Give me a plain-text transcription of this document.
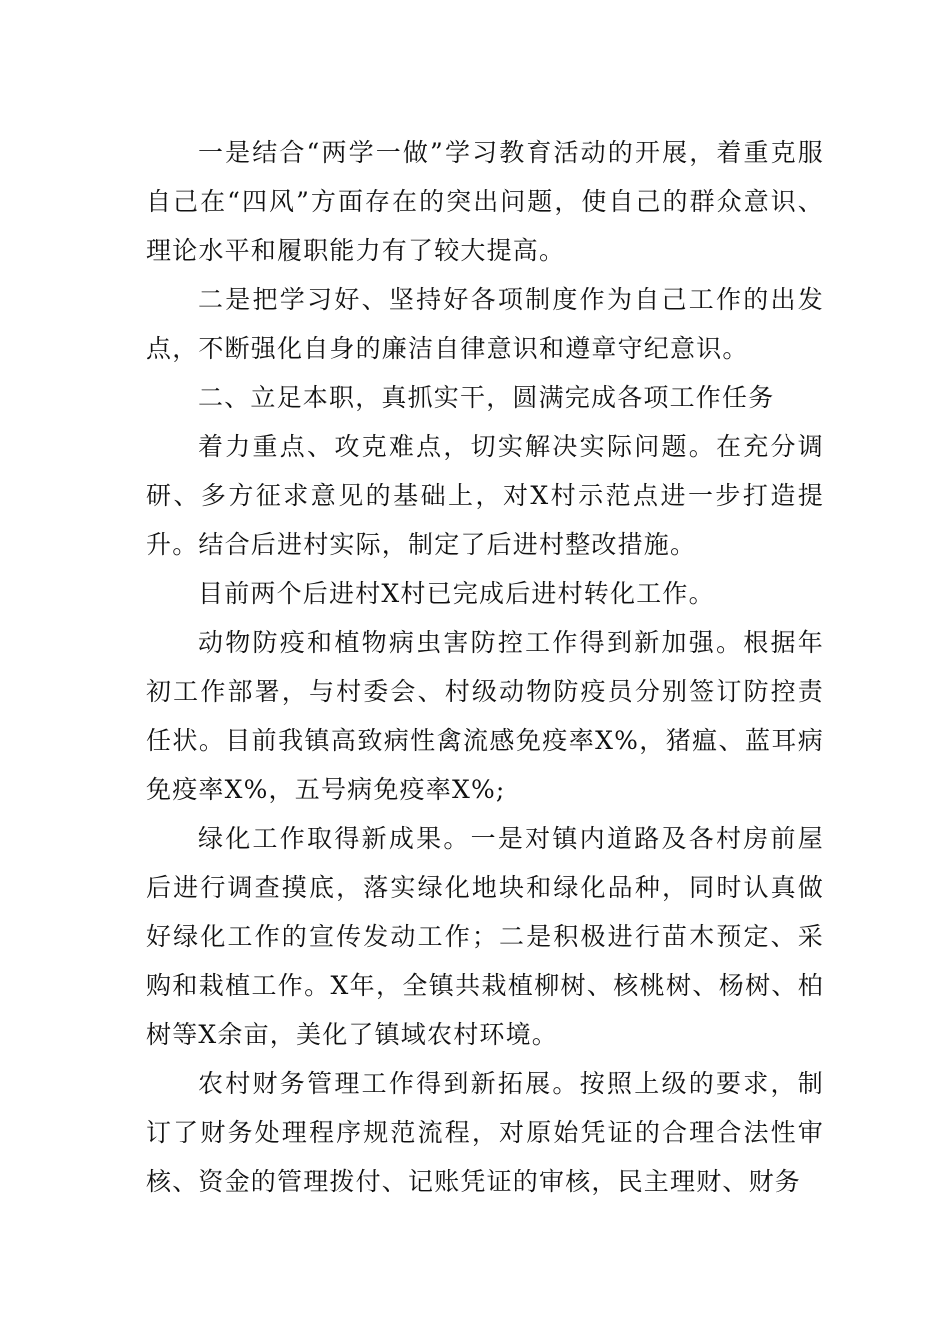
一是结合“两学一做”学习教育活动的开展，着重克服自己在“四风”方面存在的突出问题，使自己的群众意识、理论水平和履职能力有了较大提高。

二是把学习好、坚持好各项制度作为自己工作的出发点，不断强化自身的廉洁自律意识和遵章守纪意识。

二、立足本职，真抓实干，圆满完成各项工作任务

着力重点、攻克难点，切实解决实际问题。在充分调研、多方征求意见的基础上，对X村示范点进一步打造提升。结合后进村实际，制定了后进村整改措施。

目前两个后进村X村已完成后进村转化工作。

动物防疫和植物病虫害防控工作得到新加强。根据年初工作部署，与村委会、村级动物防疫员分别签订防控责任状。目前我镇高致病性禽流感免疫率X%，猪瘟、蓝耳病免疫率X%，五号病免疫率X%;

绿化工作取得新成果。一是对镇内道路及各村房前屋后进行调查摸底，落实绿化地块和绿化品种，同时认真做好绿化工作的宣传发动工作；二是积极进行苗木预定、采购和栽植工作。X年，全镇共栽植柳树、核桃树、杨树、柏树等X余亩，美化了镇域农村环境。

农村财务管理工作得到新拓展。按照上级的要求，制订了财务处理程序规范流程，对原始凭证的合理合法性审核、资金的管理拨付、记账凭证的审核，民主理财、财务
